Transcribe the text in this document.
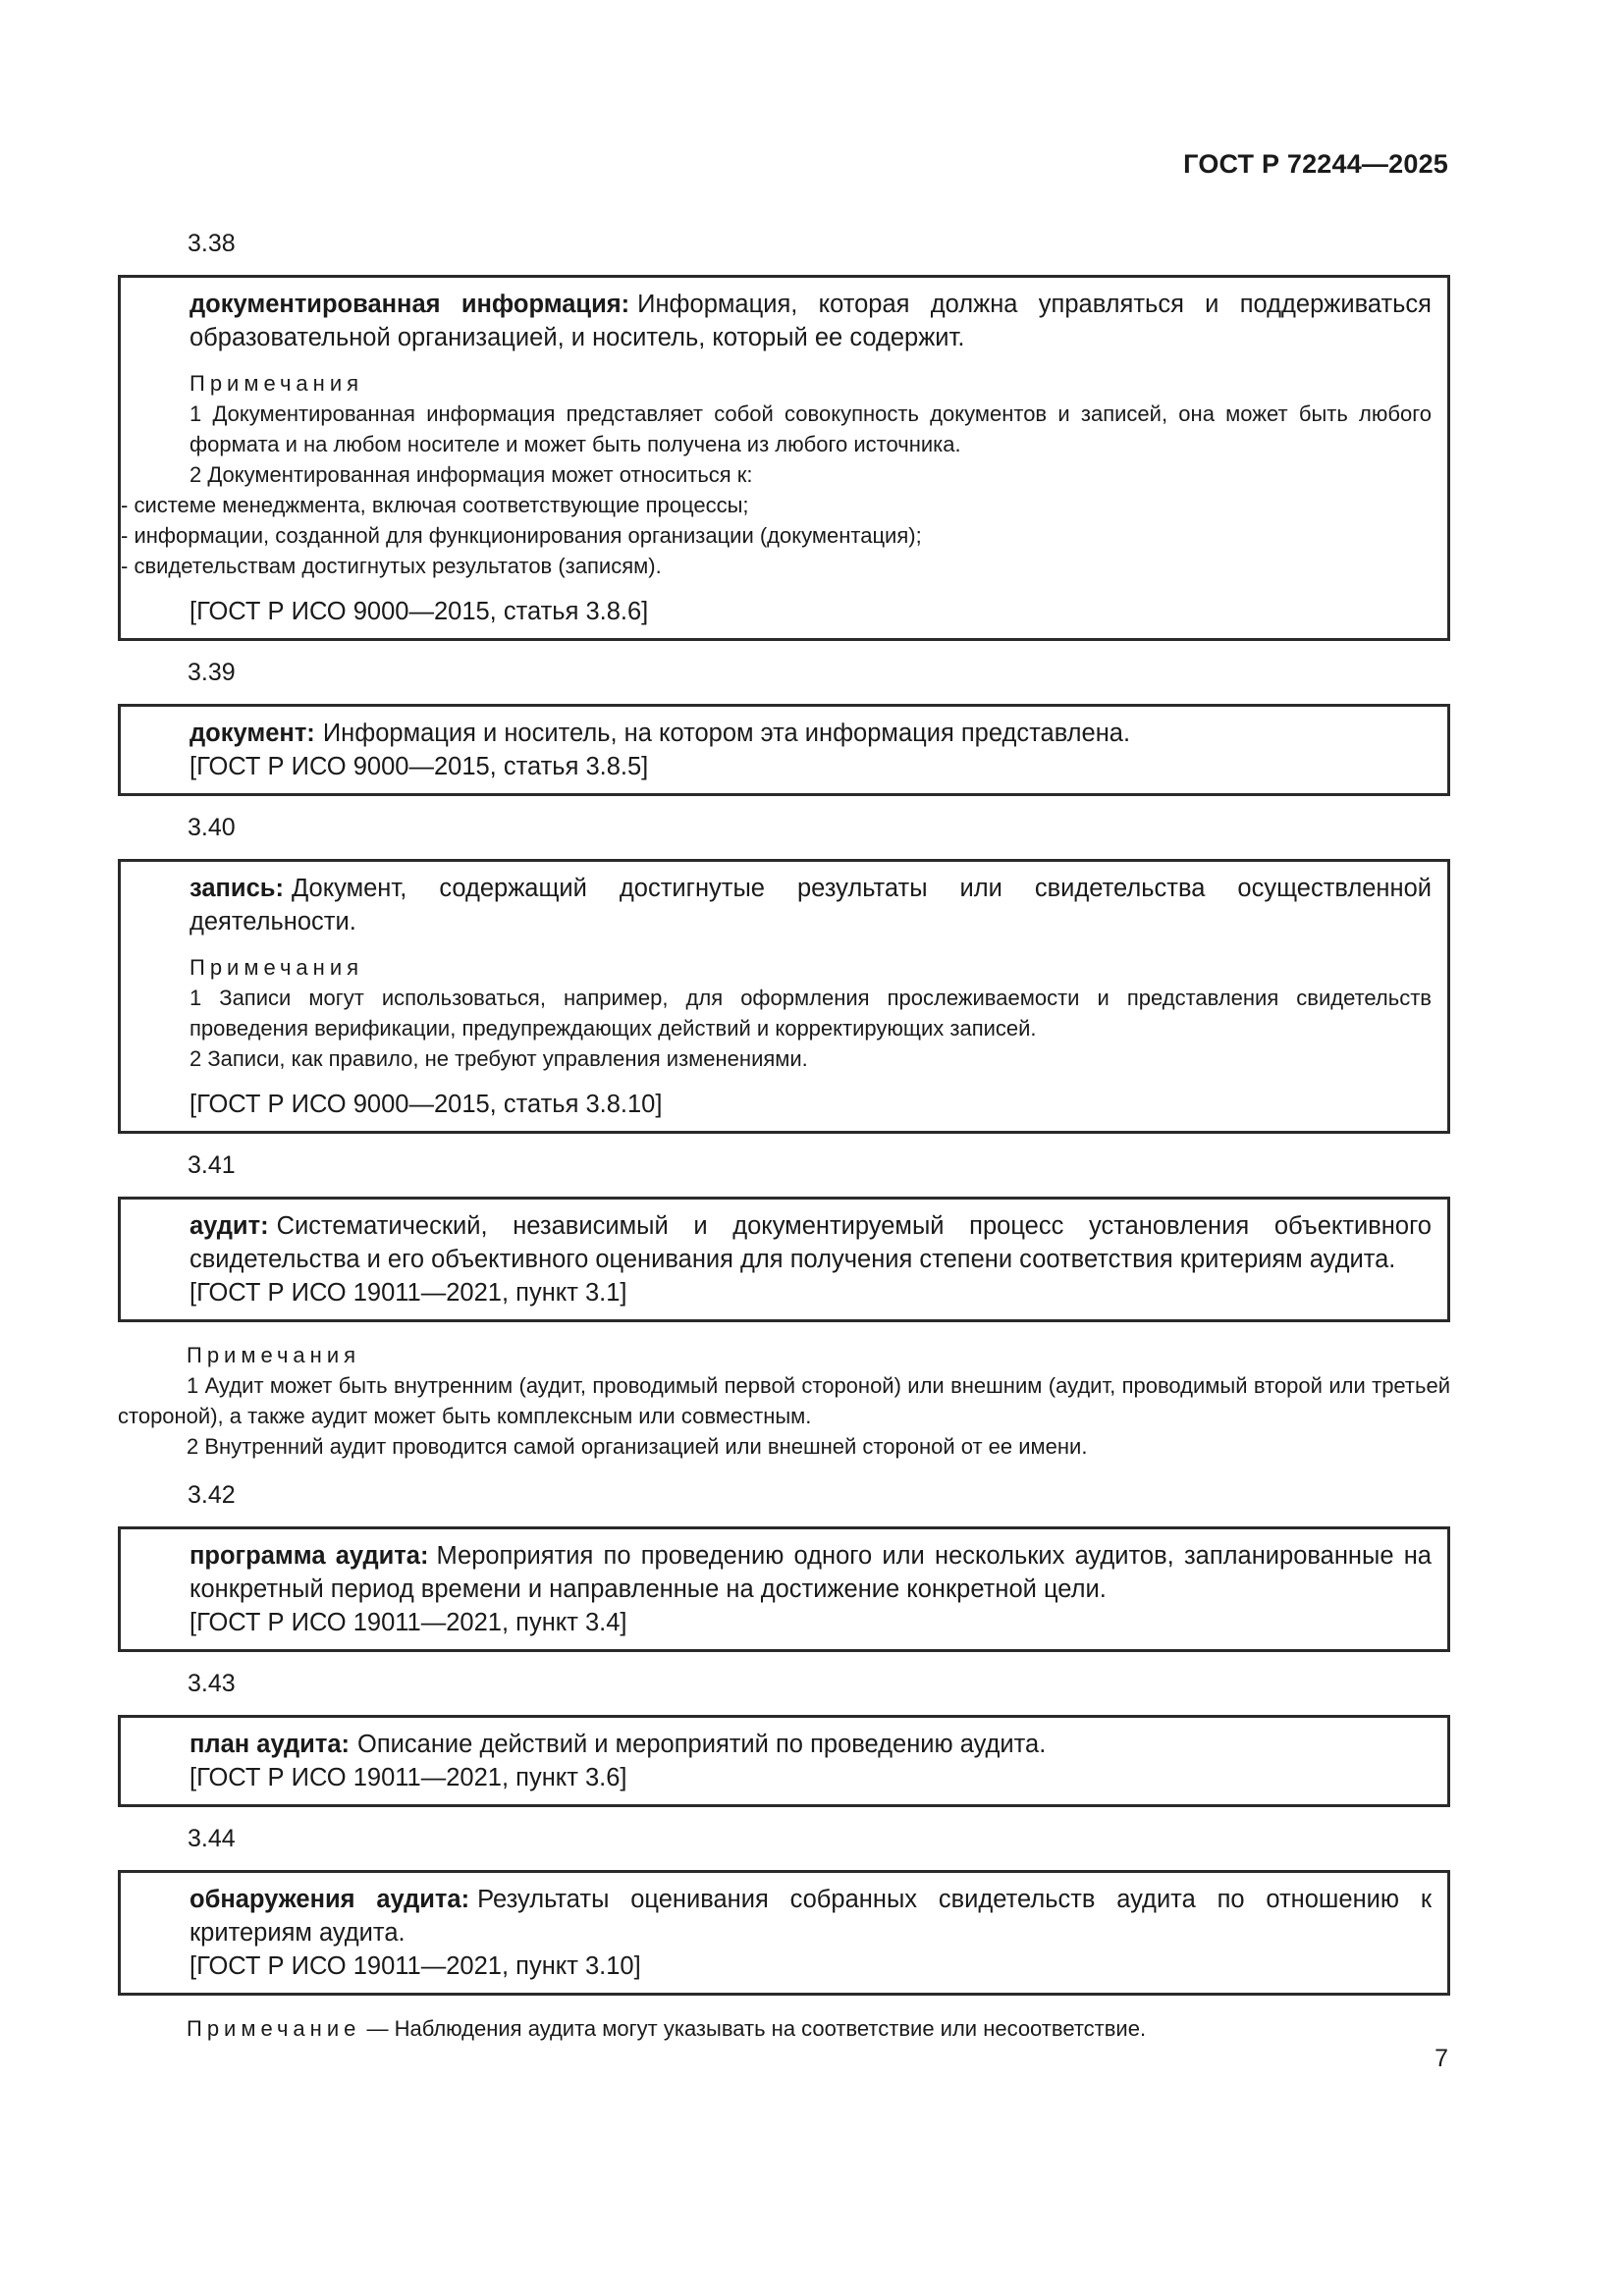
ГОСТ Р 72244—2025
3.38
документированная информация: Информация, которая должна управляться и поддерживаться образовательной организацией, и носитель, который ее содержит.
Примечания
1 Документированная информация представляет собой совокупность документов и записей, она может быть любого формата и на любом носителе и может быть получена из любого источника.
2 Документированная информация может относиться к:
- системе менеджмента, включая соответствующие процессы;
- информации, созданной для функционирования организации (документация);
- свидетельствам достигнутых результатов (записям).
[ГОСТ Р ИСО 9000—2015, статья 3.8.6]
3.39
документ: Информация и носитель, на котором эта информация представлена.
[ГОСТ Р ИСО 9000—2015, статья 3.8.5]
3.40
запись: Документ, содержащий достигнутые результаты или свидетельства осуществленной деятельности.
Примечания
1 Записи могут использоваться, например, для оформления прослеживаемости и представления свидетельств проведения верификации, предупреждающих действий и корректирующих записей.
2 Записи, как правило, не требуют управления изменениями.
[ГОСТ Р ИСО 9000—2015, статья 3.8.10]
3.41
аудит: Систематический, независимый и документируемый процесс установления объективного свидетельства и его объективного оценивания для получения степени соответствия критериям аудита.
[ГОСТ Р ИСО 19011—2021, пункт 3.1]
Примечания
1 Аудит может быть внутренним (аудит, проводимый первой стороной) или внешним (аудит, проводимый второй или третьей стороной), а также аудит может быть комплексным или совместным.
2 Внутренний аудит проводится самой организацией или внешней стороной от ее имени.
3.42
программа аудита: Мероприятия по проведению одного или нескольких аудитов, запланированные на конкретный период времени и направленные на достижение конкретной цели.
[ГОСТ Р ИСО 19011—2021, пункт 3.4]
3.43
план аудита: Описание действий и мероприятий по проведению аудита.
[ГОСТ Р ИСО 19011—2021, пункт 3.6]
3.44
обнаружения аудита: Результаты оценивания собранных свидетельств аудита по отношению к критериям аудита.
[ГОСТ Р ИСО 19011—2021, пункт 3.10]
Примечание — Наблюдения аудита могут указывать на соответствие или несоответствие.
7
